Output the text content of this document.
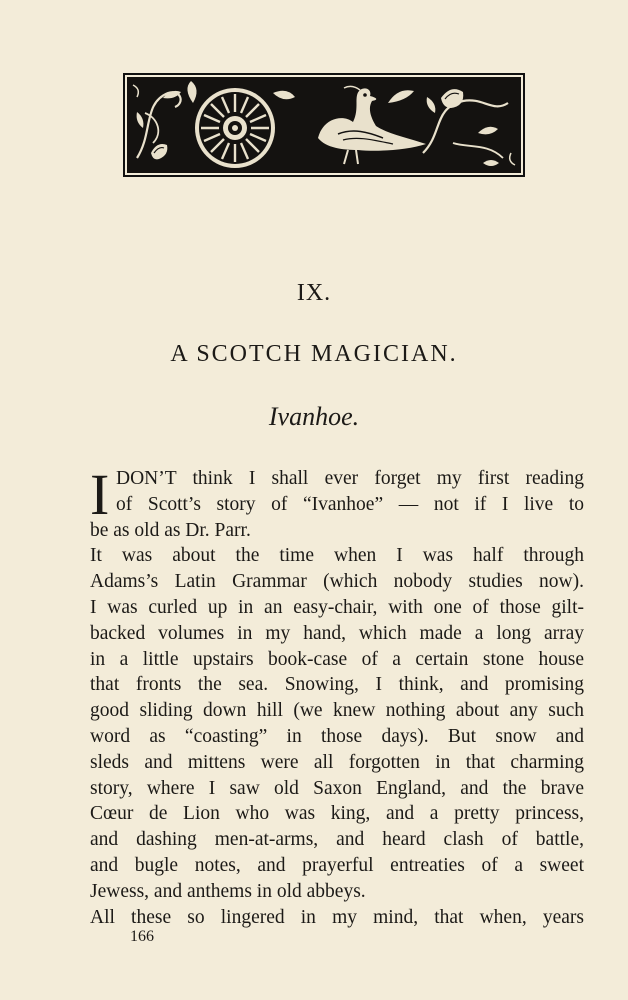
IX.
A SCOTCH MAGICIAN.
Ivanhoe.
I DON’T think I shall ever forget my first reading
of Scott’s story of “Ivanhoe” — not if I live to
be as old as Dr. Parr.
It was about the time when I was half through
Adams’s Latin Grammar (which nobody studies now).
I was curled up in an easy-chair, with one of those gilt-
backed volumes in my hand, which made a long array
in a little upstairs book-case of a certain stone house
that fronts the sea. Snowing, I think, and promising
good sliding down hill (we knew nothing about any such
word as “coasting” in those days). But snow and
sleds and mittens were all forgotten in that charming
story, where I saw old Saxon England, and the brave
Cœur de Lion who was king, and a pretty princess,
and dashing men-at-arms, and heard clash of battle,
and bugle notes, and prayerful entreaties of a sweet
Jewess, and anthems in old abbeys.
All these so lingered in my mind, that when, years
166
